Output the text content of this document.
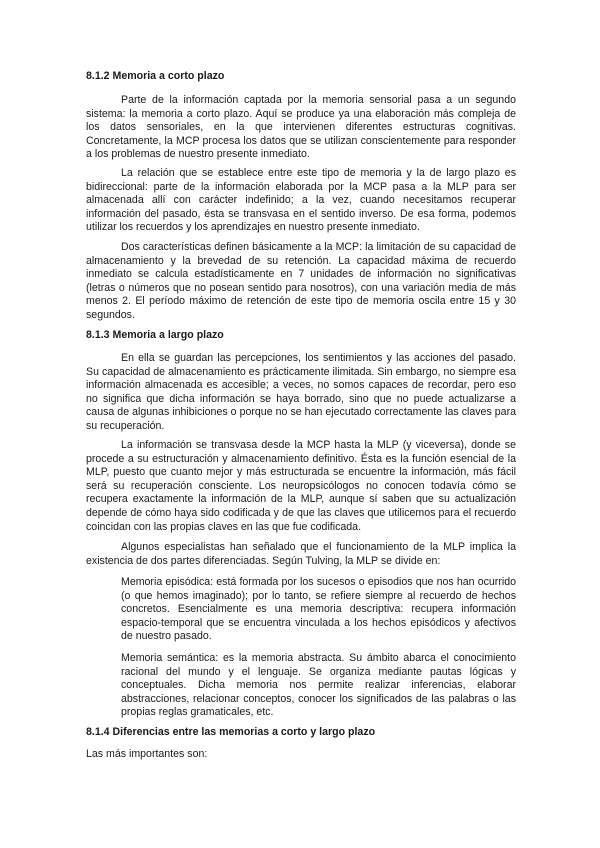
8.1.2 Memoria a corto plazo

Parte de la información captada por la memoria sensorial pasa a un segundo sistema: la memoria a corto plazo. Aquí se produce ya una elaboración más compleja de los datos sensoriales, en la que intervienen diferentes estructuras cognitivas. Concretamente, la MCP procesa los datos que se utilizan conscientemente para responder a los problemas de nuestro presente inmediato.

La relación que se establece entre este tipo de memoria y la de largo plazo es bidireccional: parte de la información elaborada por la MCP pasa a la MLP para ser almacenada allí con carácter indefinido; a la vez, cuando necesitamos recuperar información del pasado, ésta se transvasa en el sentido inverso. De esa forma, podemos utilizar los recuerdos y los aprendizajes en nuestro presente inmediato.

Dos características definen básicamente a la MCP: la limitación de su capacidad de almacenamiento y la brevedad de su retención. La capacidad máxima de recuerdo inmediato se calcula estadísticamente en 7 unidades de información no significativas (letras o números que no posean sentido para nosotros), con una variación media de más menos 2. El período máximo de retención de este tipo de memoria oscila entre 15 y 30 segundos.

8.1.3 Memoria a largo plazo

En ella se guardan las percepciones, los sentimientos y las acciones del pasado. Su capacidad de almacenamiento es prácticamente ilimitada. Sin embargo, no siempre esa información almacenada es accesible; a veces, no somos capaces de recordar, pero eso no significa que dicha información se haya borrado, sino que no puede actualizarse a causa de algunas inhibiciones o porque no se han ejecutado correctamente las claves para su recuperación.

La información se transvasa desde la MCP hasta la MLP (y viceversa), donde se procede a su estructuración y almacenamiento definitivo. Ésta es la función esencial de la MLP, puesto que cuanto mejor y más estructurada se encuentre la información, más fácil será su recuperación consciente. Los neuropsicólogos no conocen todavía cómo se recupera exactamente la información de la MLP, aunque sí saben que su actualización depende de cómo haya sido codificada y de que las claves que utilicemos para el recuerdo coincidan con las propias claves en las que fue codificada.

Algunos especialistas han señalado que el funcionamiento de la MLP implica la existencia de dos partes diferenciadas. Según Tulving, la MLP se divide en:

Memoria episódica: está formada por los sucesos o episodios que nos han ocurrido (o que hemos imaginado); por lo tanto, se refiere siempre al recuerdo de hechos concretos. Esencialmente es una memoria descriptiva: recupera información espacio-temporal que se encuentra vinculada a los hechos episódicos y afectivos de nuestro pasado.

Memoria semántica: es la memoria abstracta. Su ámbito abarca el conocimiento racional del mundo y el lenguaje. Se organiza mediante pautas lógicas y conceptuales. Dicha memoria nos permite realizar inferencias, elaborar abstracciones, relacionar conceptos, conocer los significados de las palabras o las propias reglas gramaticales, etc.

8.1.4 Diferencias entre las memorias a corto y largo plazo

Las más importantes son:
